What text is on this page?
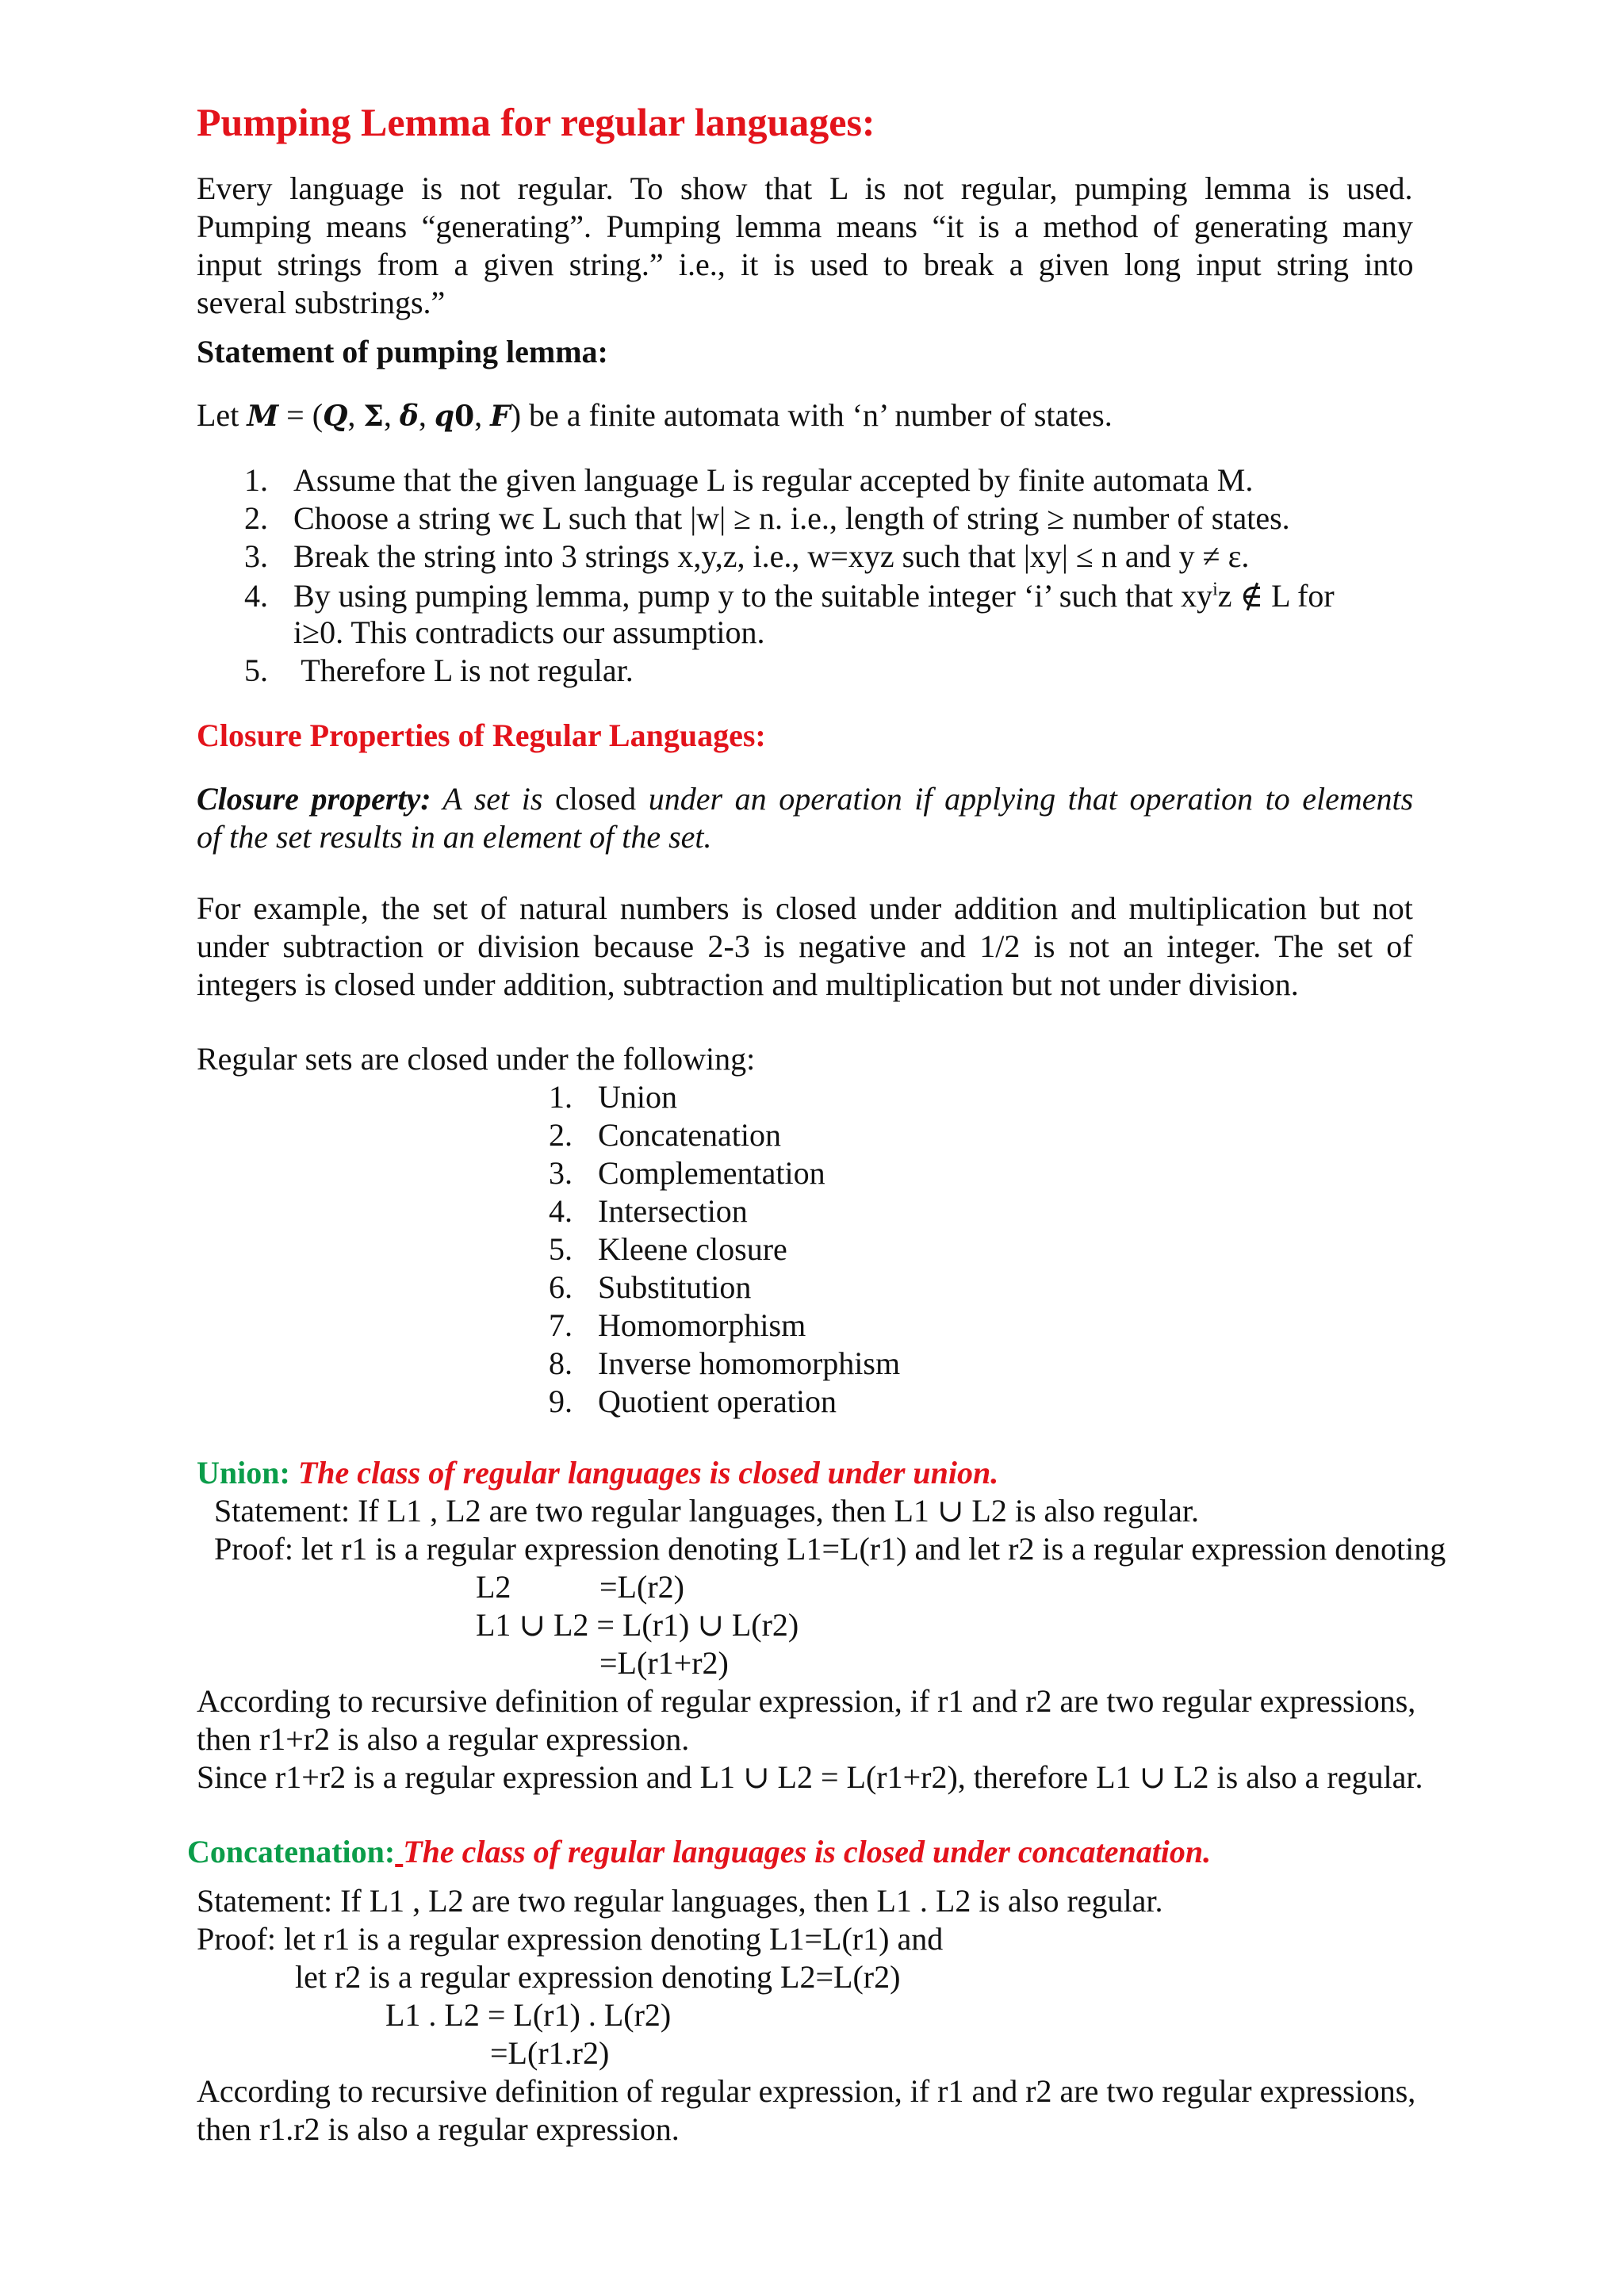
Pumping Lemma for regular languages:
Every language is not regular. To show that L is not regular, pumping lemma is used.
Pumping means “generating”. Pumping lemma means “it is a method of generating many
input strings from a given string.” i.e., it is used to break a given long input string into
several substrings.”
Statement of pumping lemma:
Let M = (Q, Σ, δ, q0, F) be a finite automata with ‘n’ number of states.
1. Assume that the given language L is regular accepted by finite automata M.
2. Choose a string wϵ L such that |w| ≥ n. i.e., length of string ≥ number of states.
3. Break the string into 3 strings x,y,z, i.e., w=xyz such that |xy| ≤ n and y ≠ ε.
4. By using pumping lemma, pump y to the suitable integer ‘i’ such that $xy^iz$ ∉ L for
i≥0. This contradicts our assumption.
5. Therefore L is not regular.
Closure Properties of Regular Languages:
Closure property: A set is closed under an operation if applying that operation to elements
of the set results in an element of the set.
For example, the set of natural numbers is closed under addition and multiplication but not
under subtraction or division because 2-3 is negative and 1/2 is not an integer. The set of
integers is closed under addition, subtraction and multiplication but not under division.
Regular sets are closed under the following:
1. Union
2. Concatenation
3. Complementation
4. Intersection
5. Kleene closure
6. Substitution
7. Homomorphism
8. Inverse homomorphism
9. Quotient operation
Union: The class of regular languages is closed under union.
Statement: If L1 , L2 are two regular languages, then L1 ∪ L2 is also regular.
Proof: let r1 is a regular expression denoting L1=L(r1) and let r2 is a regular expression denoting
L2	=L(r2)
L1 ∪ L2 = L(r1) ∪ L(r2)
=L(r1+r2)
According to recursive definition of regular expression, if r1 and r2 are two regular expressions,
then r1+r2 is also a regular expression.
Since r1+r2 is a regular expression and L1 ∪ L2 = L(r1+r2), therefore L1 ∪ L2 is also a regular.
Concatenation: The class of regular languages is closed under concatenation.
Statement: If L1 , L2 are two regular languages, then L1 . L2 is also regular.
Proof: let r1 is a regular expression denoting L1=L(r1) and
let r2 is a regular expression denoting L2=L(r2)
L1 . L2 = L(r1) . L(r2)
=L(r1.r2)
According to recursive definition of regular expression, if r1 and r2 are two regular expressions,
then r1.r2 is also a regular expression.
